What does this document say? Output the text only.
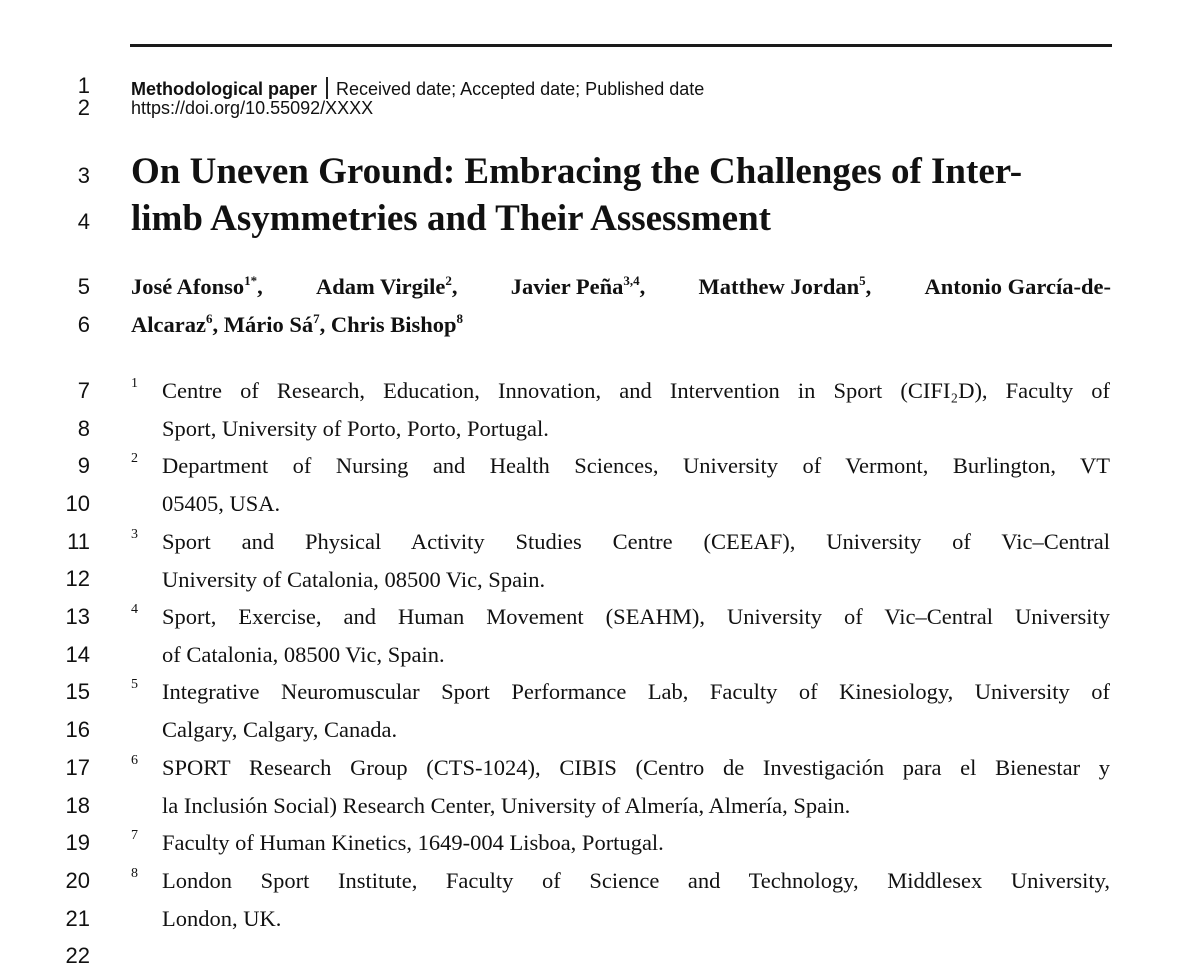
1
2
3
4
5
6
7
8
9
10
11
12
13
14
15
16
17
18
19
20
21
22
Methodological paper Received date; Accepted date; Published date
https://doi.org/10.55092/XXXX
On Uneven Ground: Embracing the Challenges of Inter-
limb Asymmetries and Their Assessment
José Afonso$^{1*}$, Adam Virgile$^2$, Javier Peña$^{3,4}$, Matthew Jordan$^5$, Antonio García-de-
Alcaraz$^6$, Mário $Sá^7$, Chris Bishop$^8$
1 Centre of Research, Education, Innovation, and Intervention in Sport (CIFI₂D), Faculty of
Sport, University of Porto, Porto, Portugal.
2 Department of Nursing and Health Sciences, University of Vermont, Burlington, VT
05405, USA.
3 Sport and Physical Activity Studies Centre (CEEAF), University of Vic–Central
University of Catalonia, 08500 Vic, Spain.
4 Sport, Exercise, and Human Movement (SEAHM), University of Vic–Central University
of Catalonia, 08500 Vic, Spain.
5 Integrative Neuromuscular Sport Performance Lab, Faculty of Kinesiology, University of
Calgary, Calgary, Canada.
6 SPORT Research Group (CTS-1024), CIBIS (Centro de Investigación para el Bienestar y
la Inclusión Social) Research Center, University of Almería, Almería, Spain.
7 Faculty of Human Kinetics, 1649-004 Lisboa, Portugal.
8 London Sport Institute, Faculty of Science and Technology, Middlesex University,
London, UK.
